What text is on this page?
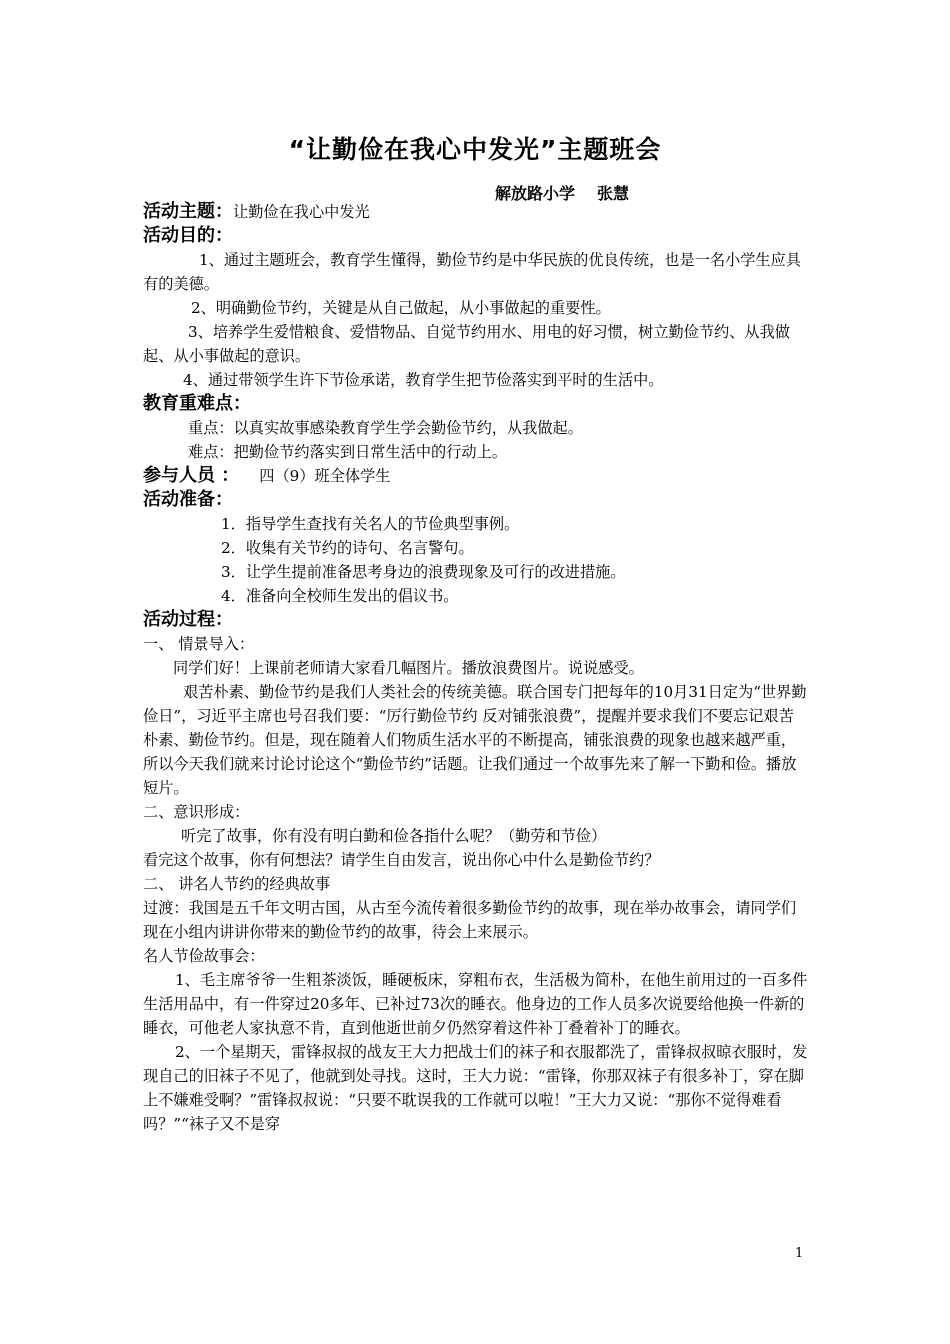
“让勤俭在我心中发光”主题班会
解放路小学 张慧
活动主题：让勤俭在我心中发光
活动目的：

1、通过主题班会，教育学生懂得，勤俭节约是中华民族的优良传统，也是一名小学生应具有的美德。

2、明确勤俭节约，关键是从自己做起，从小事做起的重要性。

3、培养学生爱惜粮食、爱惜物品、自觉节约用水、用电的好习惯，树立勤俭节约、从我做起、从小事做起的意识。

4、通过带领学生许下节俭承诺，教育学生把节俭落实到平时的生活中。

教育重难点：

重点：以真实故事感染教育学生学会勤俭节约，从我做起。

难点：把勤俭节约落实到日常生活中的行动上。

参与人员 ： 四（9）班全体学生
活动准备：

1．指导学生查找有关名人的节俭典型事例。

2．收集有关节约的诗句、名言警句。

3．让学生提前准备思考身边的浪费现象及可行的改进措施。

4．准备向全校师生发出的倡议书。

活动过程：

一、 情景导入：

同学们好！上课前老师请大家看几幅图片。播放浪费图片。说说感受。

艰苦朴素、勤俭节约是我们人类社会的传统美德。联合国专门把每年的10月31日定为“世界勤俭日”，习近平主席也号召我们要：“厉行勤俭节约 反对铺张浪费”，提醒并要求我们不要忘记艰苦朴素、勤俭节约。但是，现在随着人们物质生活水平的不断提高，铺张浪费的现象也越来越严重，所以今天我们就来讨论讨论这个“勤俭节约”话题。让我们通过一个故事先来了解一下勤和俭。播放短片。

二、意识形成：

听完了故事，你有没有明白勤和俭各指什么呢？（勤劳和节俭）

看完这个故事，你有何想法？请学生自由发言，说出你心中什么是勤俭节约？

二、 讲名人节约的经典故事

过渡：我国是五千年文明古国，从古至今流传着很多勤俭节约的故事，现在举办故事会，请同学们现在小组内讲讲你带来的勤俭节约的故事，待会上来展示。

名人节俭故事会：

1、毛主席爷爷一生粗茶淡饭，睡硬板床，穿粗布衣，生活极为简朴，在他生前用过的一百多件生活用品中，有一件穿过20多年、已补过73次的睡衣。他身边的工作人员多次说要给他换一件新的睡衣，可他老人家执意不肯，直到他逝世前夕仍然穿着这件补丁叠着补丁的睡衣。

2、一个星期天，雷锋叔叔的战友王大力把战士们的袜子和衣服都洗了，雷锋叔叔晾衣服时，发现自己的旧袜子不见了，他就到处寻找。这时，王大力说：“雷锋，你那双袜子有很多补丁，穿在脚上不嫌难受啊？”雷锋叔叔说：“只要不耽误我的工作就可以啦！”王大力又说：“那你不觉得难看吗？”“袜子又不是穿

1
